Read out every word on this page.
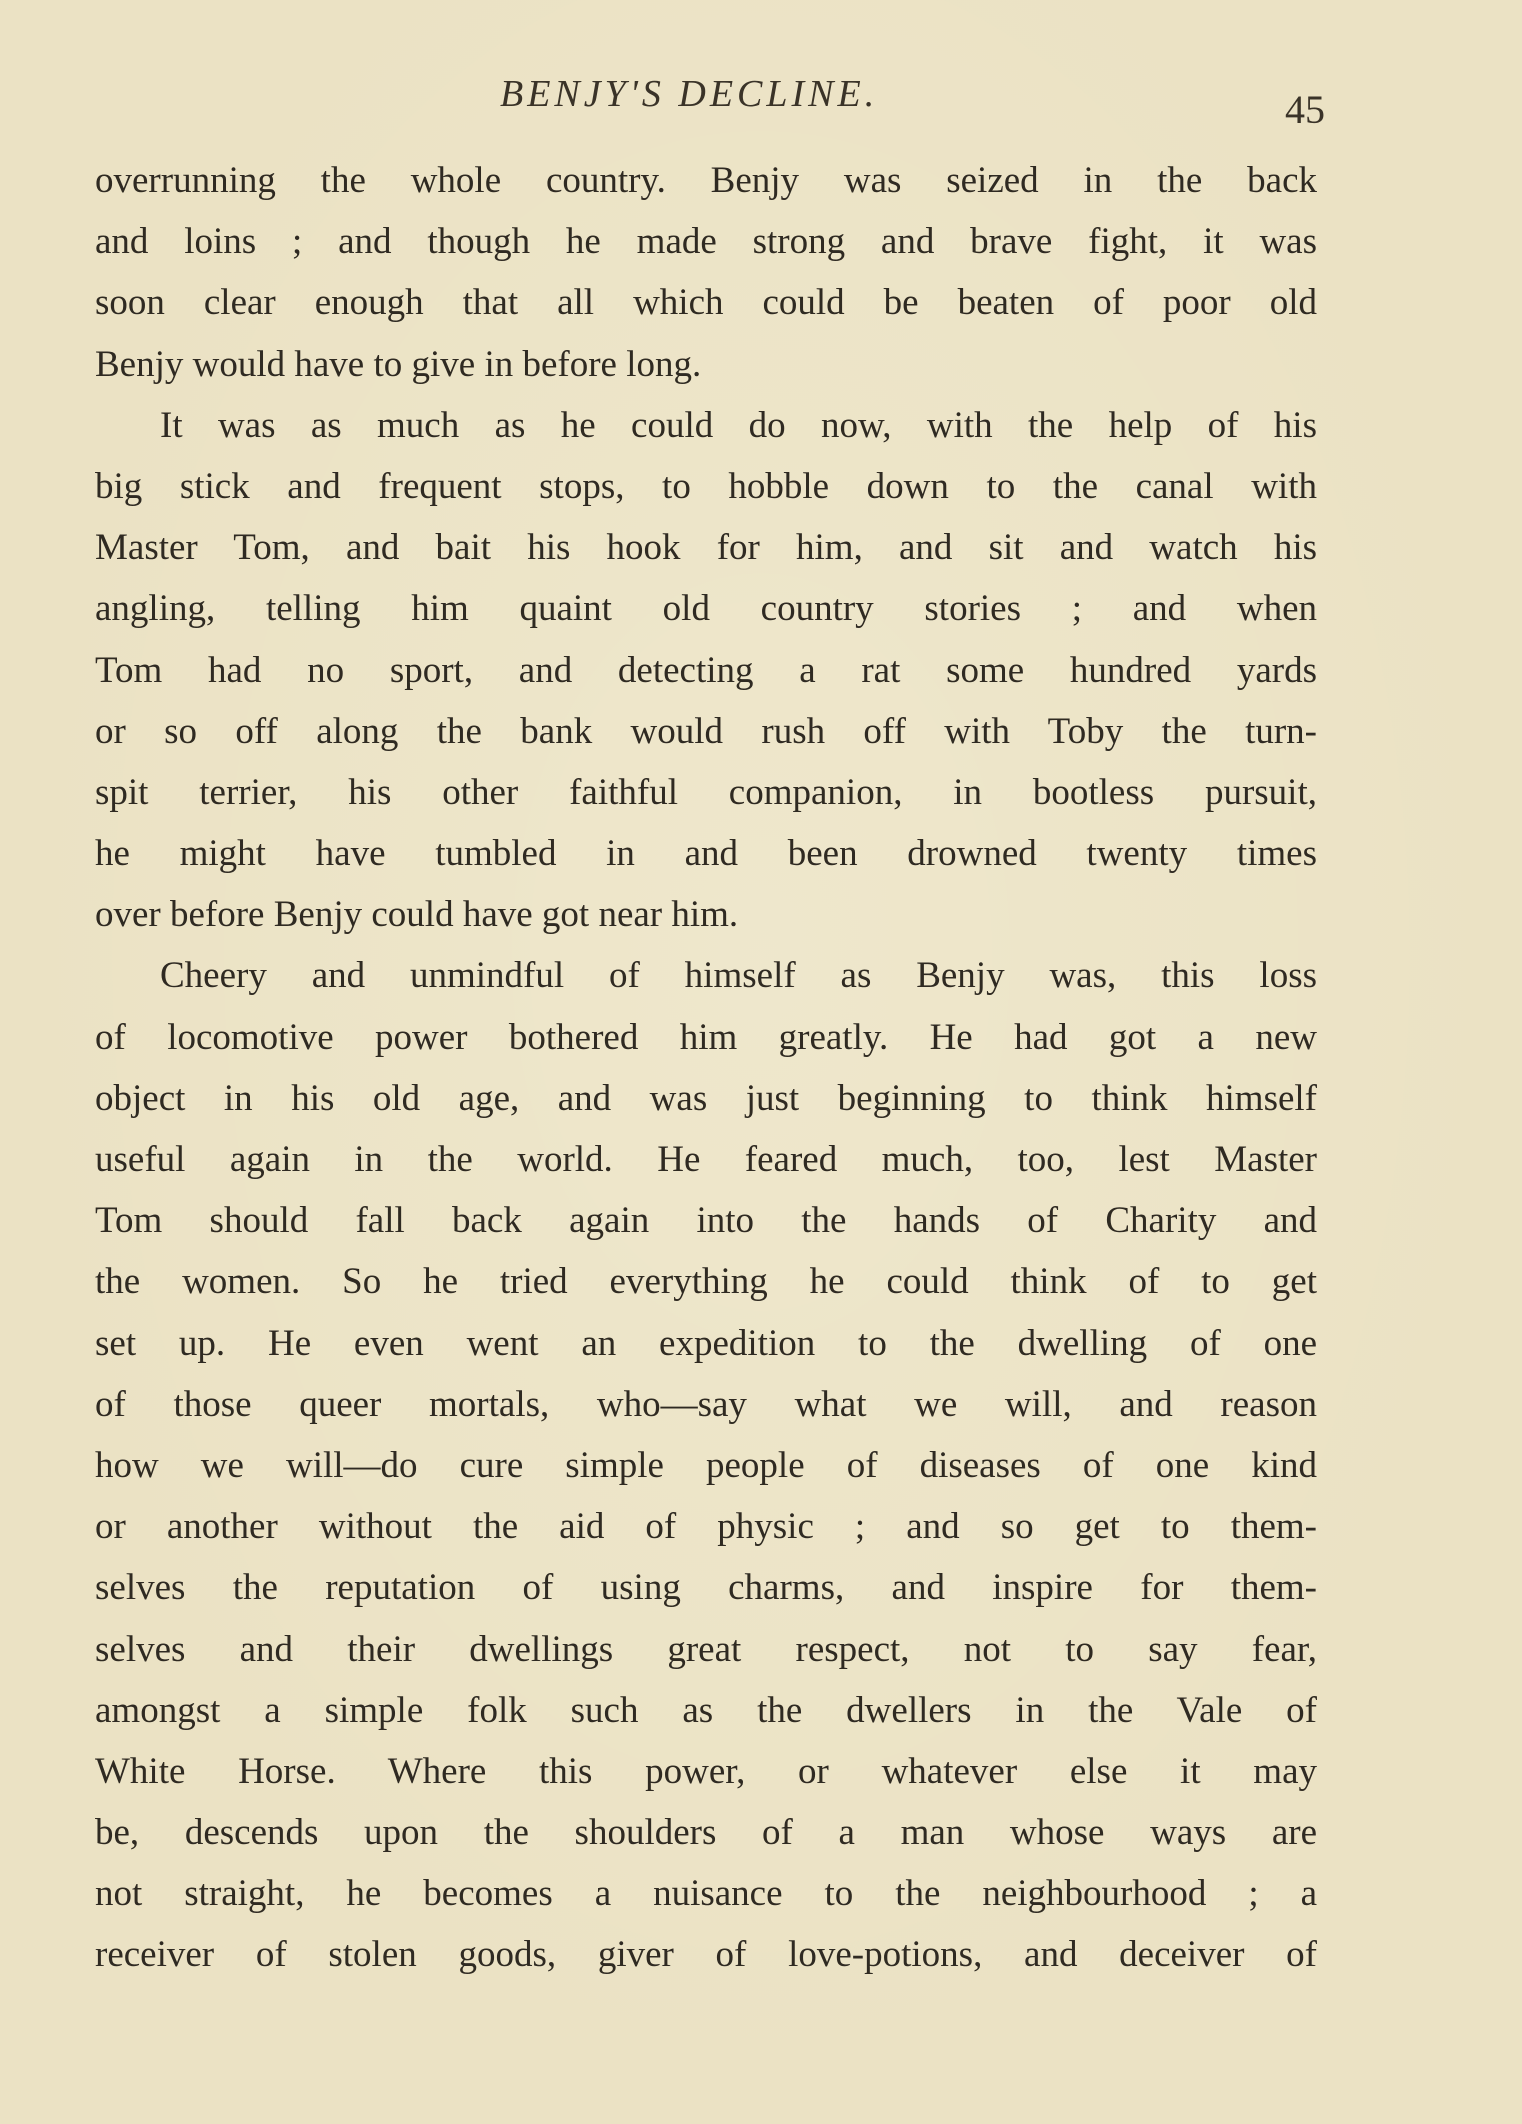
BENJY'S DECLINE.	45
overrunning the whole country. Benjy was seized in the back
and loins ; and though he made strong and brave fight, it was
soon clear enough that all which could be beaten of poor old
Benjy would have to give in before long.
It was as much as he could do now, with the help of his
big stick and frequent stops, to hobble down to the canal with
Master Tom, and bait his hook for him, and sit and watch his
angling, telling him quaint old country stories ; and when
Tom had no sport, and detecting a rat some hundred yards
or so off along the bank would rush off with Toby the turn-
spit terrier, his other faithful companion, in bootless pursuit,
he might have tumbled in and been drowned twenty times
over before Benjy could have got near him.
Cheery and unmindful of himself as Benjy was, this loss
of locomotive power bothered him greatly. He had got a new
object in his old age, and was just beginning to think himself
useful again in the world. He feared much, too, lest Master
Tom should fall back again into the hands of Charity and
the women. So he tried everything he could think of to get
set up. He even went an expedition to the dwelling of one
of those queer mortals, who—say what we will, and reason
how we will—do cure simple people of diseases of one kind
or another without the aid of physic ; and so get to them-
selves the reputation of using charms, and inspire for them-
selves and their dwellings great respect, not to say fear,
amongst a simple folk such as the dwellers in the Vale of
White Horse. Where this power, or whatever else it may
be, descends upon the shoulders of a man whose ways are
not straight, he becomes a nuisance to the neighbourhood ; a
receiver of stolen goods, giver of love-potions, and deceiver of
